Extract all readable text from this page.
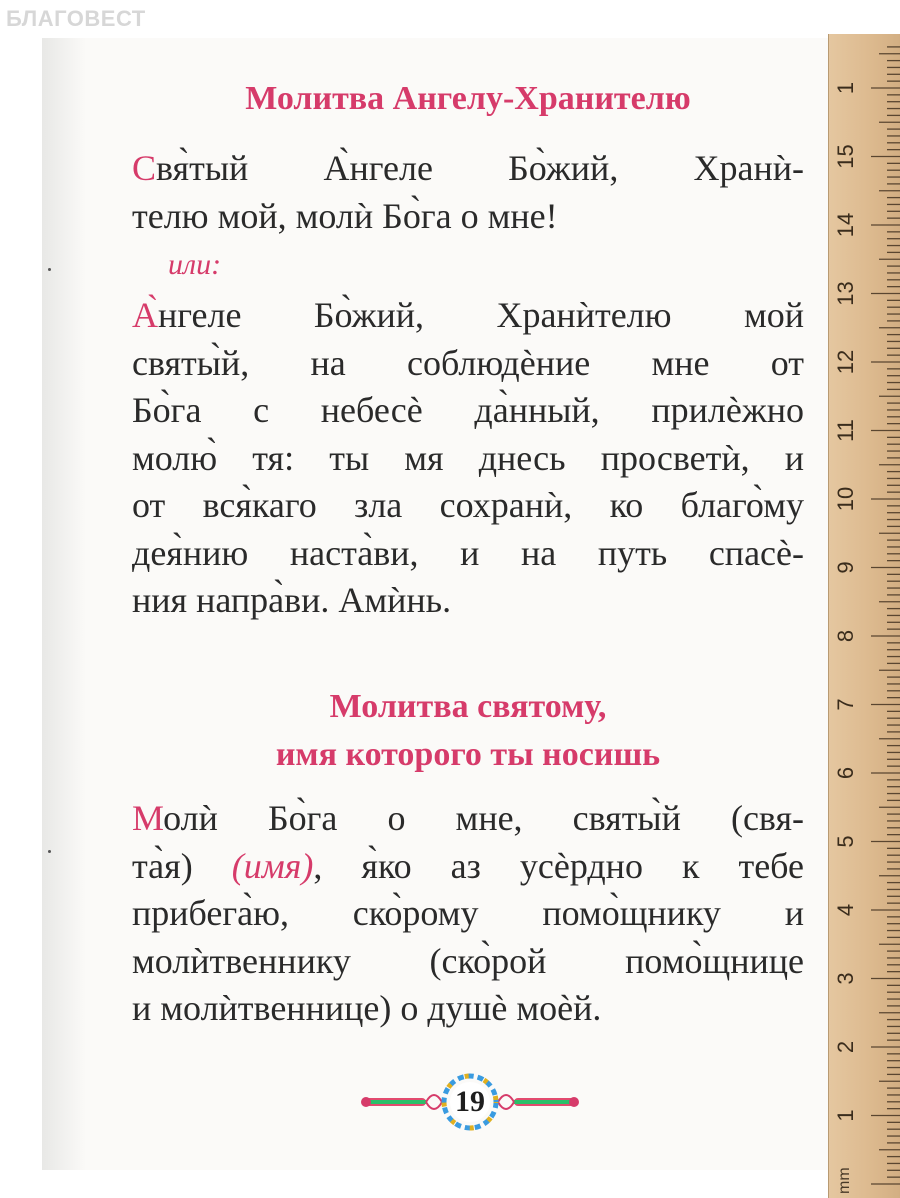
БЛАГОВЕСТ
Молитва Ангелу-Хранителю

Свя̀тый А̀нгеле Бо̀жий, Хранѝ-

телю мой, молѝ Бо̀га о мне!

или:

А̀нгеле Бо̀жий, Хранѝтелю мой

святы̀й, на соблюдѐние мне от

Бо̀га с небесѐ да̀нный, прилѐжно

молю̀ тя: ты мя днесь просветѝ, и

от вся̀каго зла сохранѝ, ко благо̀му

дея̀нию наста̀ви, и на путь спасѐ-

ния напра̀ви. Амѝнь.

Молитва святому,
имя которого ты носишь

Молѝ Бо̀га о мне, святы̀й (свя-

та̀я) (имя), я̀ко аз усѐрдно к тебе

прибега̀ю, ско̀рому помо̀щнику и

молѝтвеннику (ско̀рой помо̀щнице

и молѝтвеннице) о душѐ моѐй.

19
mm
1
2
3
4
5
6
7
8
9
10
11
12
13
14
15
1
